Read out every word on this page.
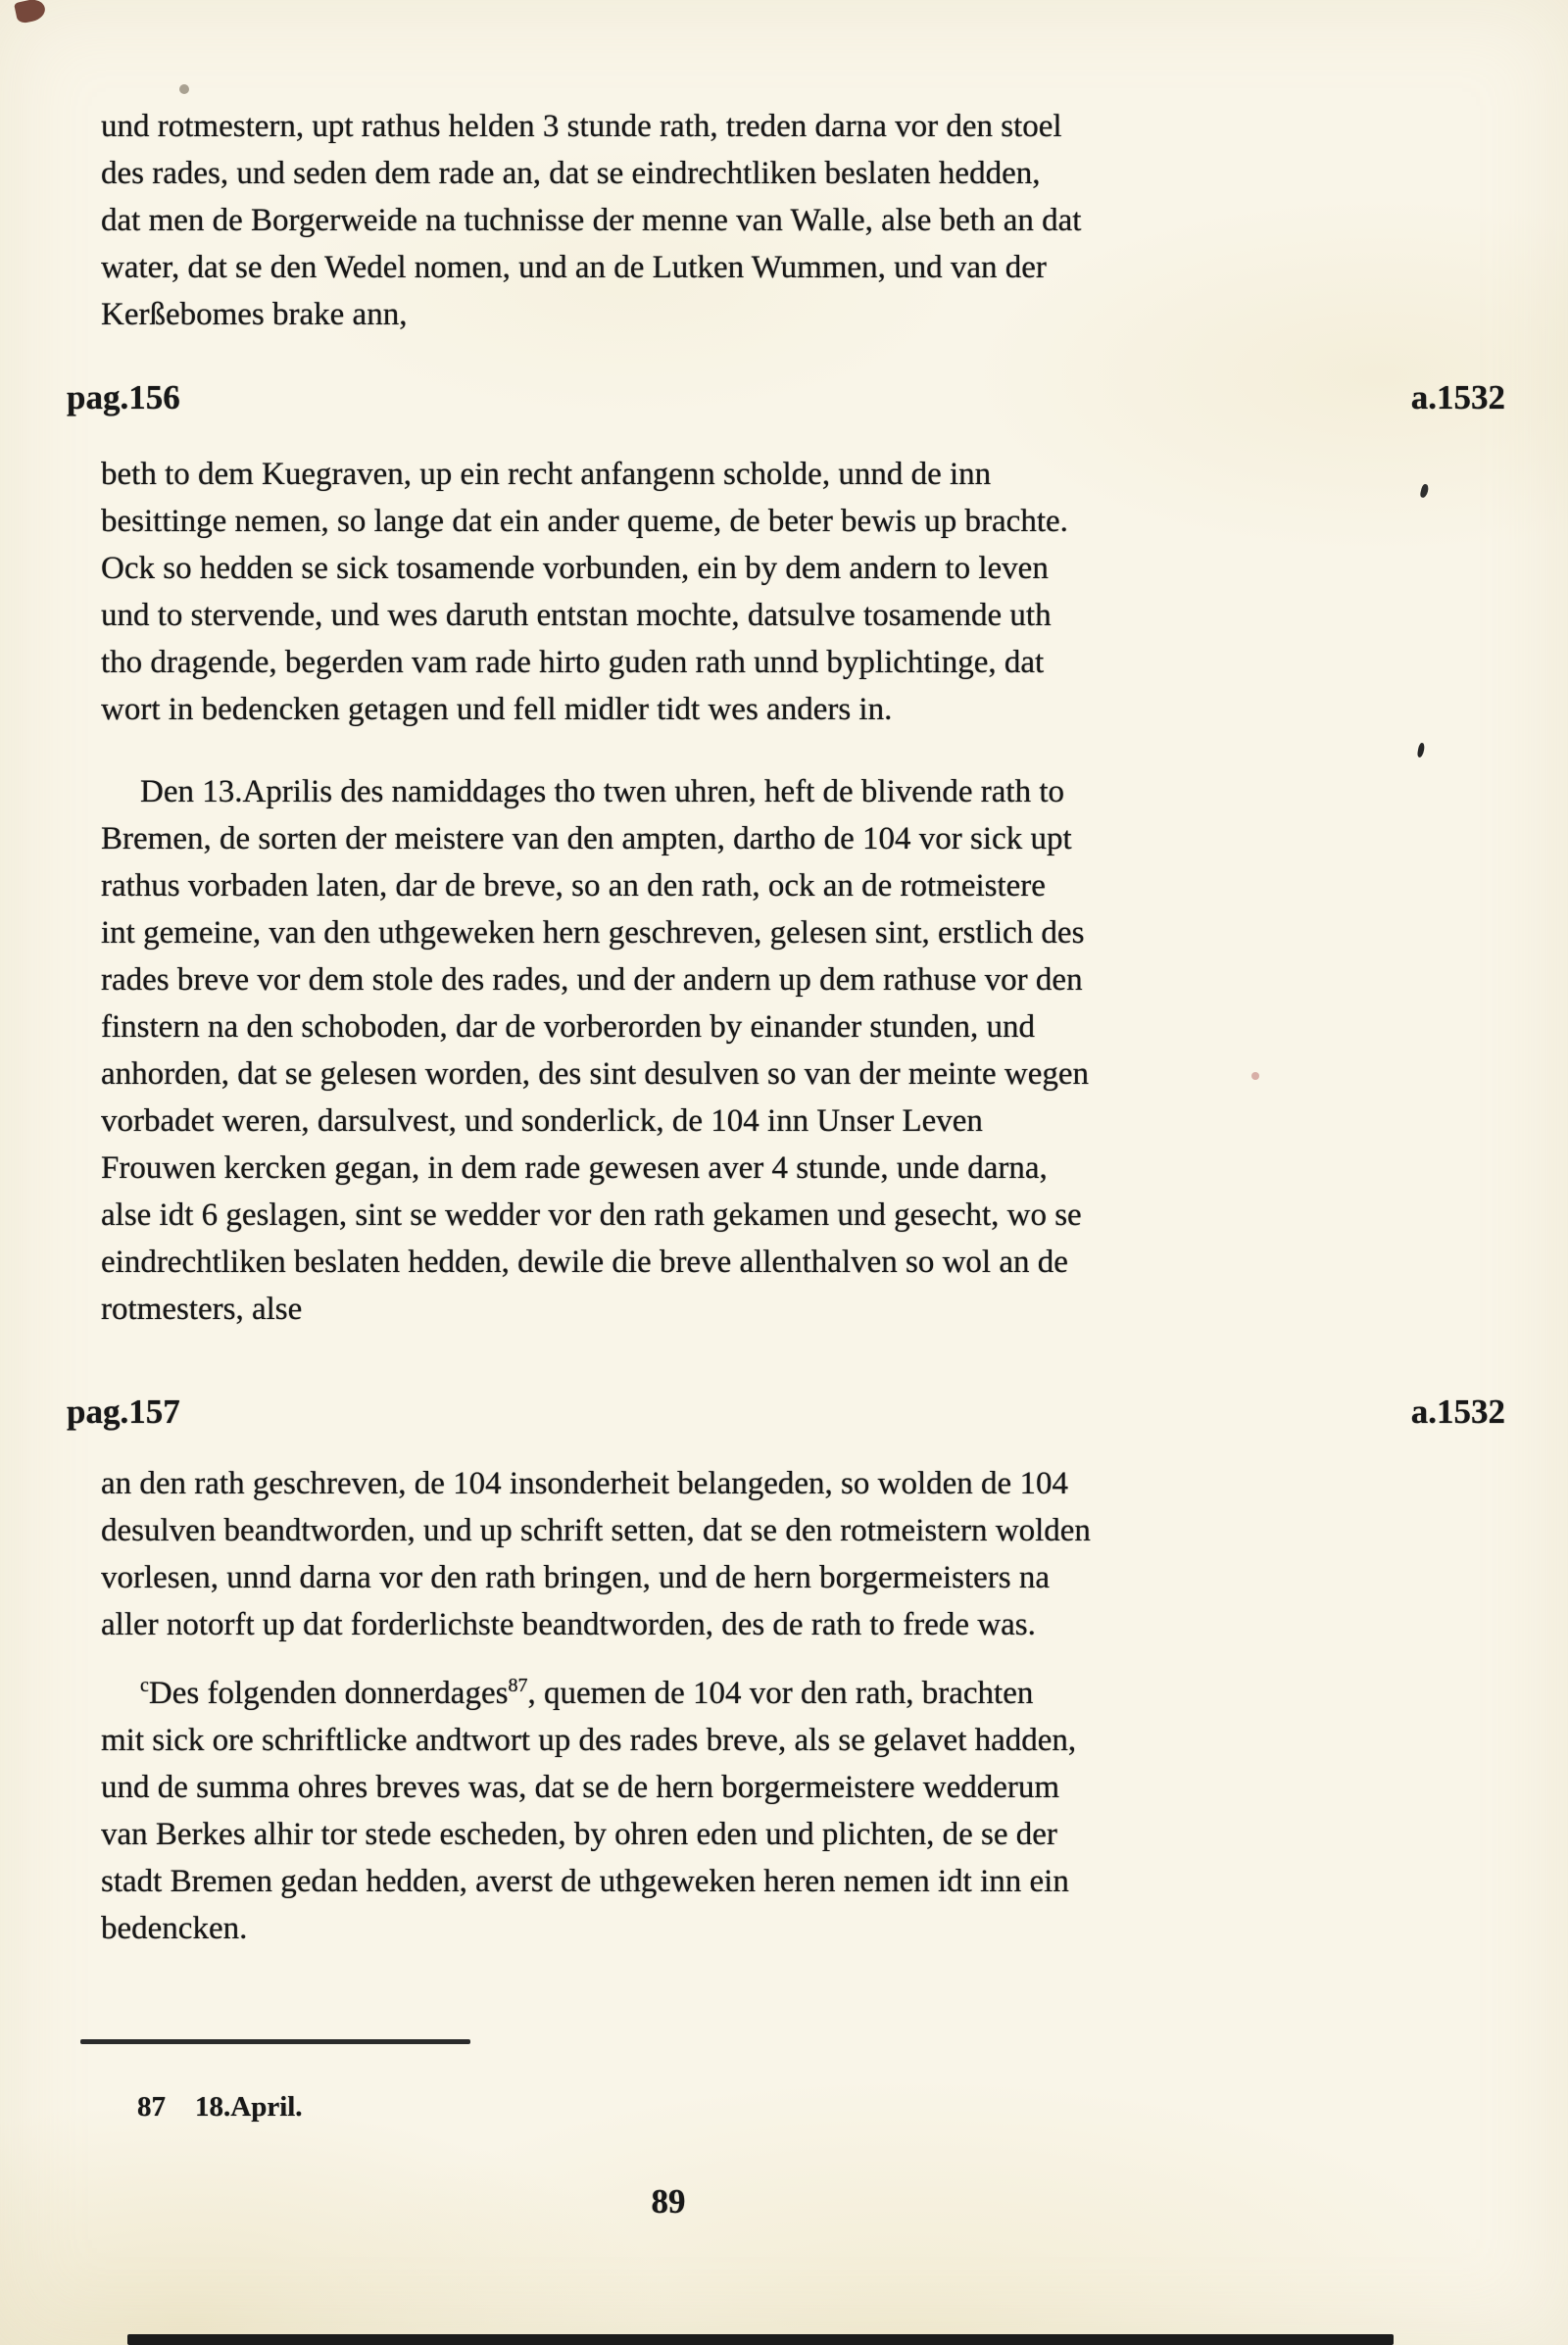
und rotmestern, upt rathus helden 3 stunde rath, treden darna vor den stoel
des rades, und seden dem rade an, dat se eindrechtliken beslaten hedden,
dat men de Borgerweide na tuchnisse der menne van Walle, alse beth an dat
water, dat se den Wedel nomen, und an de Lutken Wummen, und van der
Kerßebomes brake ann,
pag.156	a.1532
beth to dem Kuegraven, up ein recht anfangenn scholde, unnd de inn
besittinge nemen, so lange dat ein ander queme, de beter bewis up brachte.
Ock so hedden se sick tosamende vorbunden, ein by dem andern to leven
und to stervende, und wes daruth entstan mochte, datsulve tosamende uth
tho dragende, begerden vam rade hirto guden rath unnd byplichtinge, dat
wort in bedencken getagen und fell midler tidt wes anders in.
Den 13.Aprilis des namiddages tho twen uhren, heft de blivende rath to
Bremen, de sorten der meistere van den ampten, dartho de 104 vor sick upt
rathus vorbaden laten, dar de breve, so an den rath, ock an de rotmeistere
int gemeine, van den uthgeweken hern geschreven, gelesen sint, erstlich des
rades breve vor dem stole des rades, und der andern up dem rathuse vor den
finstern na den schoboden, dar de vorberorden by einander stunden, und
anhorden, dat se gelesen worden, des sint desulven so van der meinte wegen
vorbadet weren, darsulvest, und sonderlick, de 104 inn Unser Leven
Frouwen kercken gegan, in dem rade gewesen aver 4 stunde, unde darna,
alse idt 6 geslagen, sint se wedder vor den rath gekamen und gesecht, wo se
eindrechtliken beslaten hedden, dewile die breve allenthalven so wol an de
rotmesters, alse
pag.157	a.1532
an den rath geschreven, de 104 insonderheit belangeden, so wolden de 104
desulven beandtworden, und up schrift setten, dat se den rotmeistern wolden
vorlesen, unnd darna vor den rath bringen, und de hern borgermeisters na
aller notorft up dat forderlichste beandtworden, des de rath to frede was.
$^c$Des folgenden donnerdages$^{87}$, quemen de 104 vor den rath, brachten
mit sick ore schriftlicke andtwort up des rades breve, als se gelavet hadden,
und de summa ohres breves was, dat se de hern borgermeistere wedderum
van Berkes alhir tor stede escheden, by ohren eden und plichten, de se der
stadt Bremen gedan hedden, averst de uthgeweken heren nemen idt inn ein
bedencken.
87 18.April.
89
